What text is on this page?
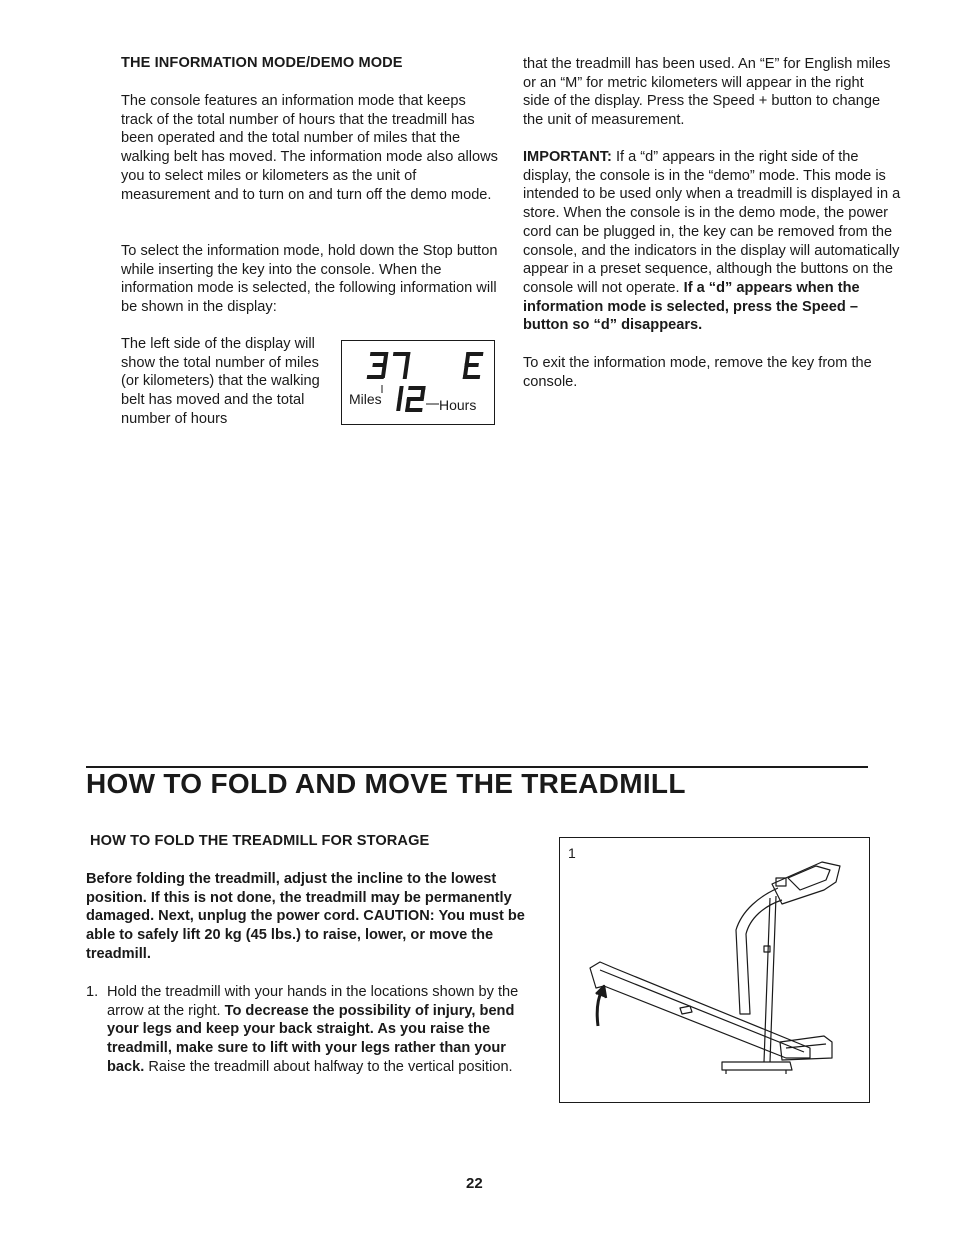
THE INFORMATION MODE/DEMO MODE
The console features an information mode that keeps track of the total number of hours that the treadmill has been operated and the total number of miles that the walking belt has moved. The information mode also allows you to select miles or kilometers as the unit of measurement and to turn on and turn off the demo mode.
To select the information mode, hold down the Stop button while inserting the key into the console. When the information mode is selected, the following information will be shown in the display:
The left side of the display will show the total number of miles (or kilometers) that the walking belt has moved and the total number of hours
Miles	Hours
that the treadmill has been used. An “E” for English miles or an “M” for metric kilometers will appear in the right side of the display. Press the Speed + button to change the unit of measurement.
IMPORTANT: If a “d” appears in the right side of the display, the console is in the “demo” mode. This mode is intended to be used only when a treadmill is displayed in a store. When the console is in the demo mode, the power cord can be plugged in, the key can be removed from the console, and the indicators in the display will automatically appear in a preset sequence, although the buttons on the console will not operate. If a “d” appears when the information mode is selected, press the Speed – button so “d” disappears.
To exit the information mode, remove the key from the console.
HOW TO FOLD AND MOVE THE TREADMILL
HOW TO FOLD THE TREADMILL FOR STORAGE
Before folding the treadmill, adjust the incline to the lowest position. If this is not done, the treadmill may be permanently damaged. Next, unplug the power cord. CAUTION: You must be able to safely lift 20 kg (45 lbs.) to raise, lower, or move the treadmill.
1. Hold the treadmill with your hands in the locations shown by the arrow at the right. To decrease the possibility of injury, bend your legs and keep your back straight. As you raise the treadmill, make sure to lift with your legs rather than your back. Raise the treadmill about halfway to the vertical position.
1
22
